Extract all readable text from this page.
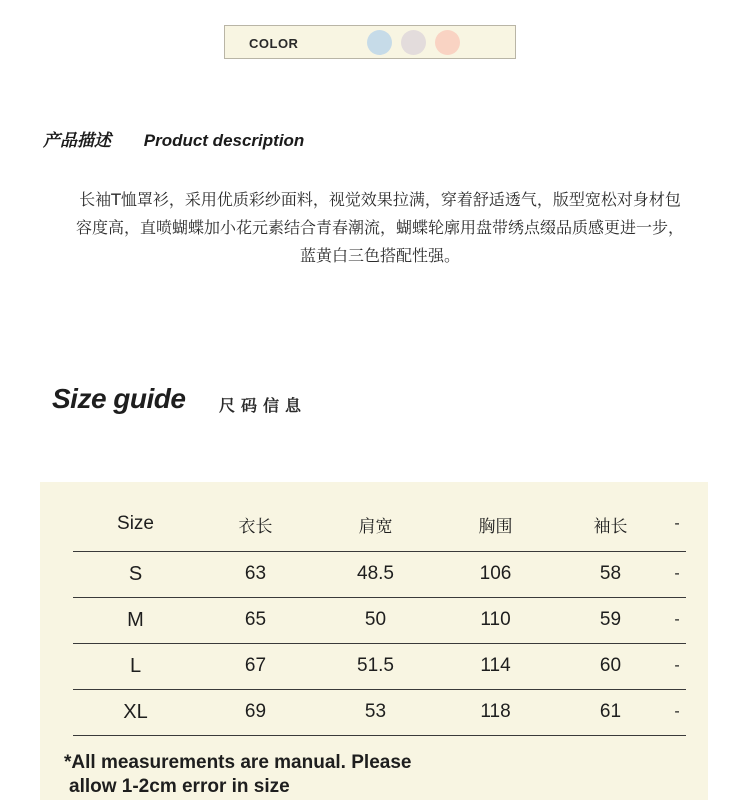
COLOR
产品描述 Product description
长袖T恤罩衫，采用优质彩纱面料，视觉效果拉满，穿着舒适透气，版型宽松对身材包
容度高，直喷蝴蝶加小花元素结合青春潮流，蝴蝶轮廓用盘带绣点缀品质感更进一步，
蓝黄白三色搭配性强。
Size guide 尺码信息
Size	衣长	肩宽	胸围	袖长	-
S	63	48.5	106	58	-
M	65	50	110	59	-
L	67	51.5	114	60	-
XL	69	53	118	61	-
*All measurements are manual. Please
allow 1-2cm error in size
